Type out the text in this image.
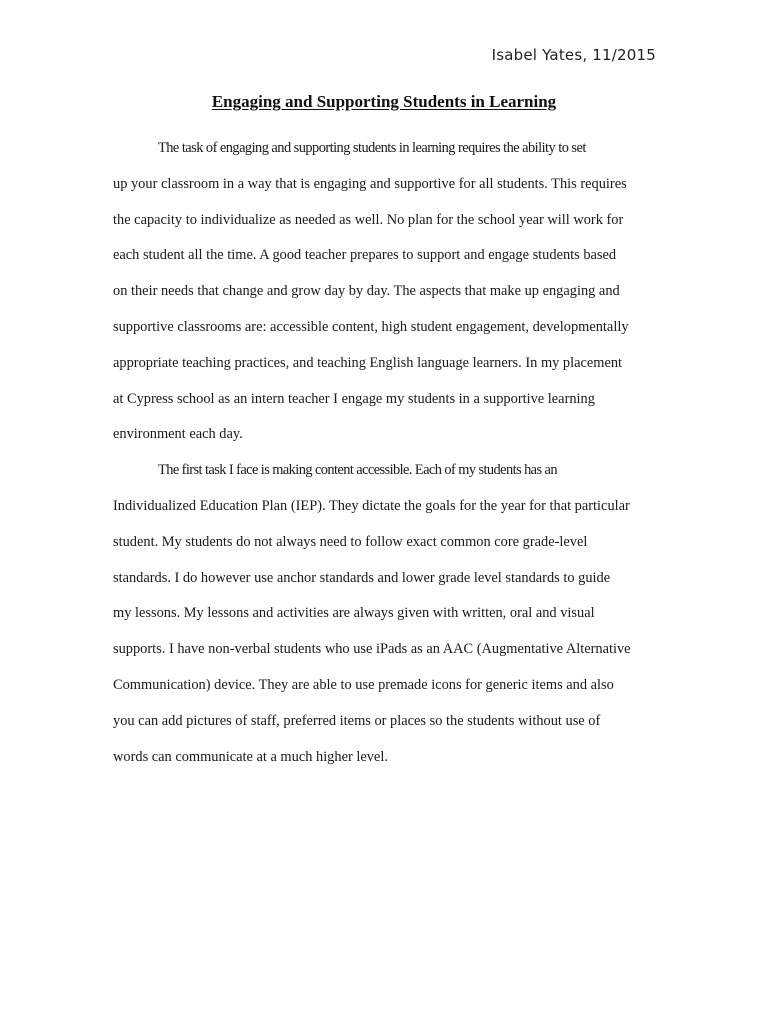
Isabel Yates, 11/2015
Engaging and Supporting Students in Learning

The task of engaging and supporting students in learning requires the ability to set
up your classroom in a way that is engaging and supportive for all students. This requires
the capacity to individualize as needed as well. No plan for the school year will work for
each student all the time. A good teacher prepares to support and engage students based
on their needs that change and grow day by day. The aspects that make up engaging and
supportive classrooms are: accessible content, high student engagement, developmentally
appropriate teaching practices, and teaching English language learners. In my placement
at Cypress school as an intern teacher I engage my students in a supportive learning
environment each day.

The first task I face is making content accessible. Each of my students has an
Individualized Education Plan (IEP). They dictate the goals for the year for that particular
student. My students do not always need to follow exact common core grade-level
standards. I do however use anchor standards and lower grade level standards to guide
my lessons. My lessons and activities are always given with written, oral and visual
supports. I have non-verbal students who use iPads as an AAC (Augmentative Alternative
Communication) device. They are able to use premade icons for generic items and also
you can add pictures of staff, preferred items or places so the students without use of
words can communicate at a much higher level.
